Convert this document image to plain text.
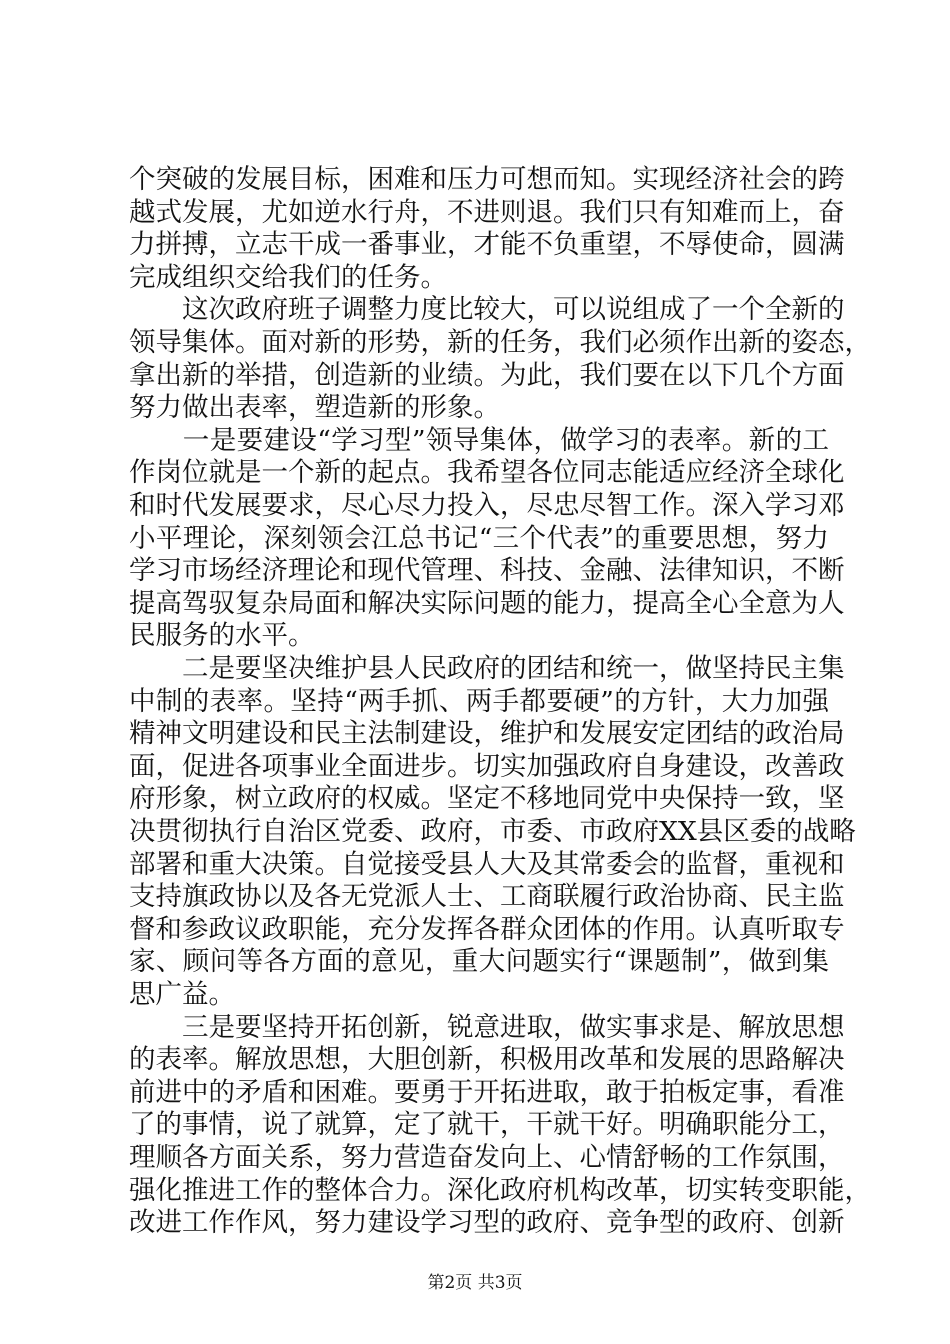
个突破的发展目标，困难和压力可想而知。实现经济社会的跨
越式发展，尤如逆水行舟，不进则退。我们只有知难而上，奋
力拼搏，立志干成一番事业，才能不负重望，不辱使命，圆满
完成组织交给我们的任务。
　　这次政府班子调整力度比较大，可以说组成了一个全新的
领导集体。面对新的形势，新的任务，我们必须作出新的姿态，
拿出新的举措，创造新的业绩。为此，我们要在以下几个方面
努力做出表率，塑造新的形象。
　　一是要建设“学习型”领导集体，做学习的表率。新的工
作岗位就是一个新的起点。我希望各位同志能适应经济全球化
和时代发展要求，尽心尽力投入，尽忠尽智工作。深入学习邓
小平理论，深刻领会江总书记“三个代表”的重要思想，努力
学习市场经济理论和现代管理、科技、金融、法律知识，不断
提高驾驭复杂局面和解决实际问题的能力，提高全心全意为人
民服务的水平。
　　二是要坚决维护县人民政府的团结和统一，做坚持民主集
中制的表率。坚持“两手抓、两手都要硬”的方针，大力加强
精神文明建设和民主法制建设，维护和发展安定团结的政治局
面，促进各项事业全面进步。切实加强政府自身建设，改善政
府形象，树立政府的权威。坚定不移地同党中央保持一致，坚
决贯彻执行自治区党委、政府，市委、市政府XX县区委的战略
部署和重大决策。自觉接受县人大及其常委会的监督，重视和
支持旗政协以及各无党派人士、工商联履行政治协商、民主监
督和参政议政职能，充分发挥各群众团体的作用。认真听取专
家、顾问等各方面的意见，重大问题实行“课题制”，做到集
思广益。
　　三是要坚持开拓创新，锐意进取，做实事求是、解放思想
的表率。解放思想，大胆创新，积极用改革和发展的思路解决
前进中的矛盾和困难。要勇于开拓进取，敢于拍板定事，看准
了的事情，说了就算，定了就干，干就干好。明确职能分工，
理顺各方面关系，努力营造奋发向上、心情舒畅的工作氛围，
强化推进工作的整体合力。深化政府机构改革，切实转变职能，
改进工作作风，努力建设学习型的政府、竞争型的政府、创新
第2页 共3页
